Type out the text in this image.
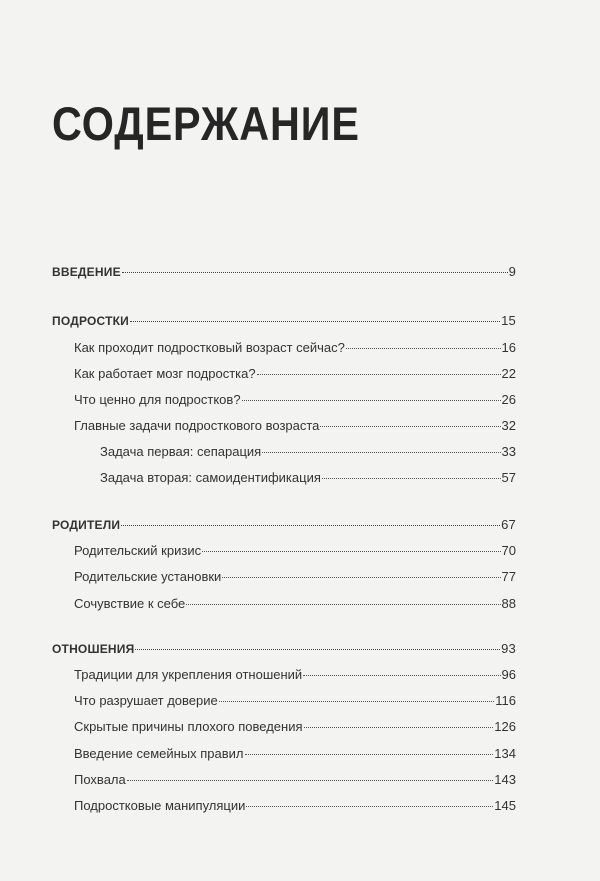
СОДЕРЖАНИЕ
ВВЕДЕНИЕ	9
ПОДРОСТКИ	15
Как проходит подростковый возраст сейчас?	16
Как работает мозг подростка?	22
Что ценно для подростков?	26
Главные задачи подросткового возраста	32
Задача первая: сепарация	33
Задача вторая: самоидентификация	57
РОДИТЕЛИ	67
Родительский кризис	70
Родительские установки	77
Сочувствие к себе	88
ОТНОШЕНИЯ	93
Традиции для укрепления отношений	96
Что разрушает доверие	116
Скрытые причины плохого поведения	126
Введение семейных правил	134
Похвала	143
Подростковые манипуляции	145
